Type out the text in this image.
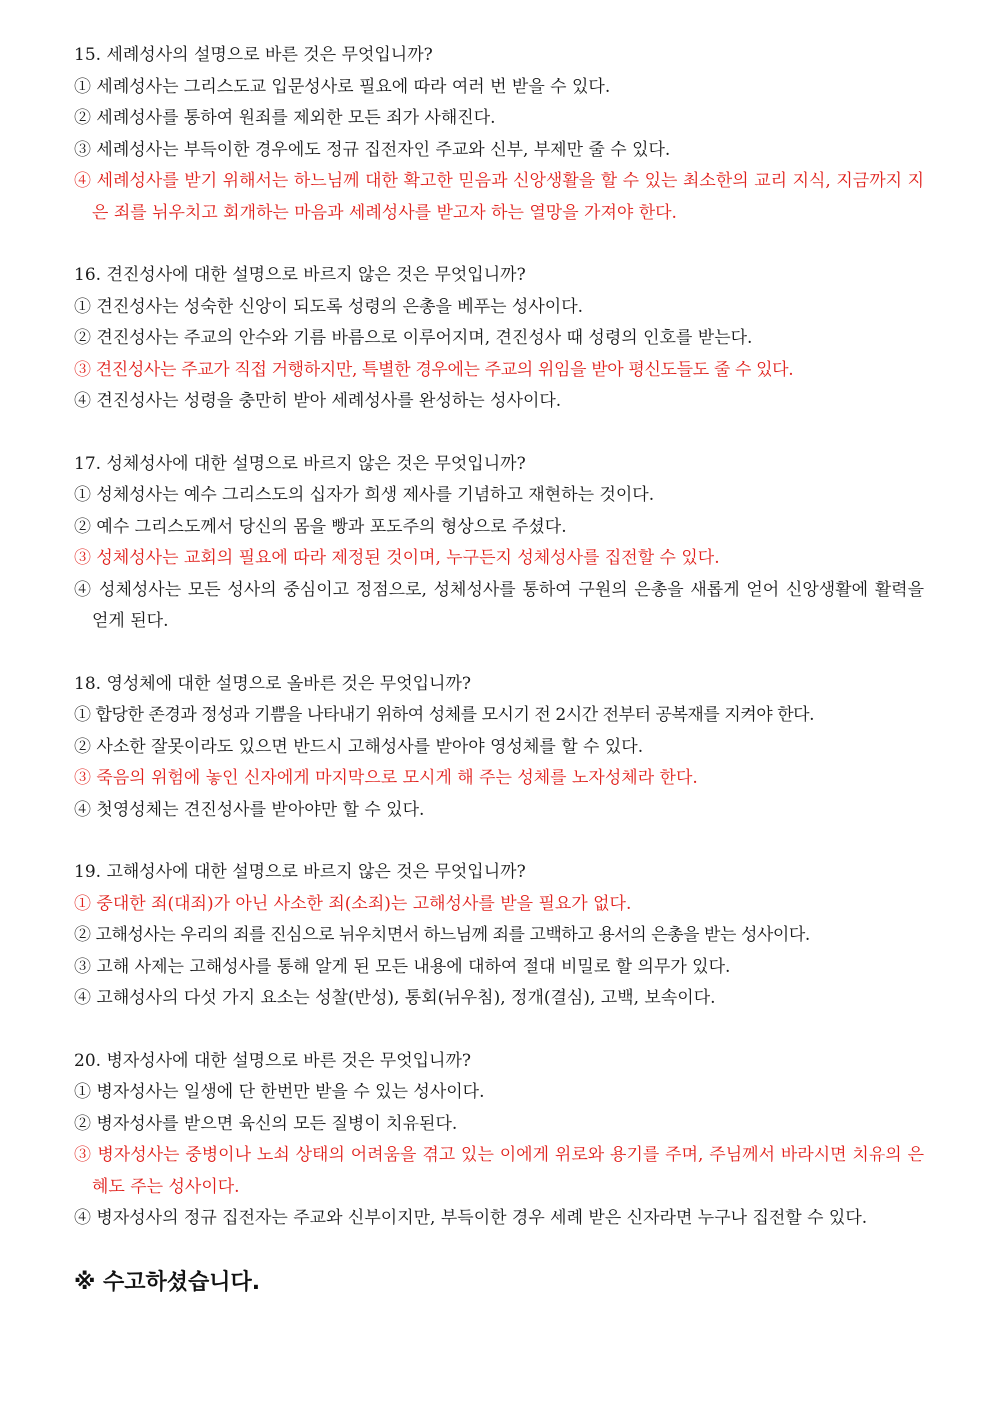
15. 세례성사의 설명으로 바른 것은 무엇입니까?
① 세례성사는 그리스도교 입문성사로 필요에 따라 여러 번 받을 수 있다.
② 세례성사를 통하여 원죄를 제외한 모든 죄가 사해진다.
③ 세례성사는 부득이한 경우에도 정규 집전자인 주교와 신부, 부제만 줄 수 있다.
④ 세례성사를 받기 위해서는 하느님께 대한 확고한 믿음과 신앙생활을 할 수 있는 최소한의 교리 지식, 지금까지 지은 죄를 뉘우치고 회개하는 마음과 세례성사를 받고자 하는 열망을 가져야 한다.
16. 견진성사에 대한 설명으로 바르지 않은 것은 무엇입니까?
① 견진성사는 성숙한 신앙이 되도록 성령의 은총을 베푸는 성사이다.
② 견진성사는 주교의 안수와 기름 바름으로 이루어지며, 견진성사 때 성령의 인호를 받는다.
③ 견진성사는 주교가 직접 거행하지만, 특별한 경우에는 주교의 위임을 받아 평신도들도 줄 수 있다.
④ 견진성사는 성령을 충만히 받아 세례성사를 완성하는 성사이다.
17. 성체성사에 대한 설명으로 바르지 않은 것은 무엇입니까?
① 성체성사는 예수 그리스도의 십자가 희생 제사를 기념하고 재현하는 것이다.
② 예수 그리스도께서 당신의 몸을 빵과 포도주의 형상으로 주셨다.
③ 성체성사는 교회의 필요에 따라 제정된 것이며, 누구든지 성체성사를 집전할 수 있다.
④ 성체성사는 모든 성사의 중심이고 정점으로, 성체성사를 통하여 구원의 은총을 새롭게 얻어 신앙생활에 활력을 얻게 된다.
18. 영성체에 대한 설명으로 올바른 것은 무엇입니까?
① 합당한 존경과 정성과 기쁨을 나타내기 위하여 성체를 모시기 전 2시간 전부터 공복재를 지켜야 한다.
② 사소한 잘못이라도 있으면 반드시 고해성사를 받아야 영성체를 할 수 있다.
③ 죽음의 위험에 놓인 신자에게 마지막으로 모시게 해 주는 성체를 노자성체라 한다.
④ 첫영성체는 견진성사를 받아야만 할 수 있다.
19. 고해성사에 대한 설명으로 바르지 않은 것은 무엇입니까?
① 중대한 죄(대죄)가 아닌 사소한 죄(소죄)는 고해성사를 받을 필요가 없다.
② 고해성사는 우리의 죄를 진심으로 뉘우치면서 하느님께 죄를 고백하고 용서의 은총을 받는 성사이다.
③ 고해 사제는 고해성사를 통해 알게 된 모든 내용에 대하여 절대 비밀로 할 의무가 있다.
④ 고해성사의 다섯 가지 요소는 성찰(반성), 통회(뉘우침), 정개(결심), 고백, 보속이다.
20. 병자성사에 대한 설명으로 바른 것은 무엇입니까?
① 병자성사는 일생에 단 한번만 받을 수 있는 성사이다.
② 병자성사를 받으면 육신의 모든 질병이 치유된다.
③ 병자성사는 중병이나 노쇠 상태의 어려움을 겪고 있는 이에게 위로와 용기를 주며, 주님께서 바라시면 치유의 은혜도 주는 성사이다.
④ 병자성사의 정규 집전자는 주교와 신부이지만, 부득이한 경우 세례 받은 신자라면 누구나 집전할 수 있다.
※ 수고하셨습니다.
